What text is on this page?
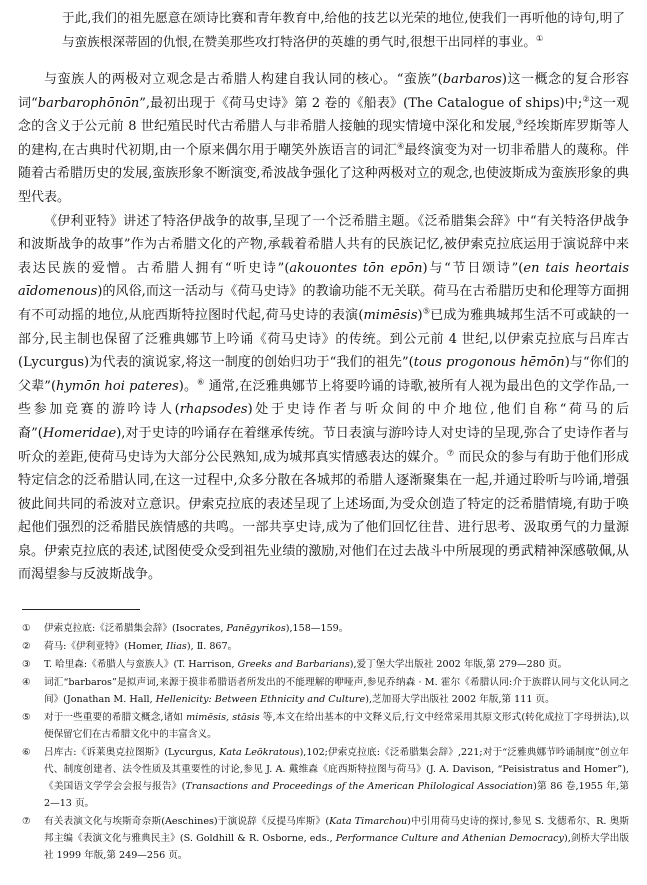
于此,我们的祖先愿意在颂诗比赛和青年教育中,给他的技艺以光荣的地位,使我们一再听他的诗句,明了与蛮族根深蒂固的仇恨,在赞美那些攻打特洛伊的英雄的勇气时,很想干出同样的事业。①

与蛮族人的两极对立观念是古希腊人构建自我认同的核心。“蛮族”(barbaros)这一概念的复合形容词“barbarophōnōn”,最初出现于《荷马史诗》第 2 卷的《船表》(The Catalogue of ships)中;②这一观念的含义于公元前 8 世纪殖民时代古希腊人与非希腊人接触的现实情境中深化和发展,③经埃斯库罗斯等人的建构,在古典时代初期,由一个原来偶尔用于嘲笑外族语言的词汇④最终演变为对一切非希腊人的蔑称。伴随着古希腊历史的发展,蛮族形象不断演变,希波战争强化了这种两极对立的观念,也使波斯成为蛮族形象的典型代表。

《伊利亚特》讲述了特洛伊战争的故事,呈现了一个泛希腊主题。《泛希腊集会辞》中“有关特洛伊战争和波斯战争的故事”作为古希腊文化的产物,承载着希腊人共有的民族记忆,被伊索克拉底运用于演说辞中来表达民族的爱憎。古希腊人拥有“听史诗”(akouontes tōn epōn)与“节日颂诗”(en tais heortais aīdomenous)的风俗,而这一活动与《荷马史诗》的教谕功能不无关联。荷马在古希腊历史和伦理等方面拥有不可动摇的地位,从庇西斯特拉图时代起,荷马史诗的表演(mimēsis)⑤已成为雅典城邦生活不可或缺的一部分,民主制也保留了泛雅典娜节上吟诵《荷马史诗》的传统。到公元前 4 世纪,以伊索克拉底与吕库古(Lycurgus)为代表的演说家,将这一制度的创始归功于“我们的祖先”(tous progonous hēmōn)与“你们的父辈”(hymōn hoi pateres)。⑥ 通常,在泛雅典娜节上将要吟诵的诗歌,被所有人视为最出色的文学作品,一些参加竞赛的游吟诗人(rhapsodes)处于史诗作者与听众间的中介地位,他们自称“荷马的后裔”(Homeridae),对于史诗的吟诵存在着继承传统。节日表演与游吟诗人对史诗的呈现,弥合了史诗作者与听众的差距,使荷马史诗为大部分公民熟知,成为城邦真实情感表达的媒介。⑦ 而民众的参与有助于他们形成特定信念的泛希腊认同,在这一过程中,众多分散在各城邦的希腊人逐渐聚集在一起,并通过聆听与吟诵,增强彼此间共同的希波对立意识。伊索克拉底的表述呈现了上述场面,为受众创造了特定的泛希腊情境,有助于唤起他们强烈的泛希腊民族情感的共鸣。一部共享史诗,成为了他们回忆往昔、进行思考、汲取勇气的力量源泉。伊索克拉底的表述,试图使受众受到祖先业绩的激励,对他们在过去战斗中所展现的勇武精神深感敬佩,从而渴望参与反波斯战争。

①	伊索克拉底:《泛希腊集会辞》(Isocrates, Panēgyrikos),158—159。
②	荷马:《伊利亚特》(Homer, Ilias), Ⅱ. 867。
③	T. 哈里森:《希腊人与蛮族人》(T. Harrison, Greeks and Barbarians),爱丁堡大学出版社 2002 年版,第 279—280 页。
④	词汇“barbaros”是拟声词,来源于摸非希腊语者所发出的不能理解的咿哑声,参见乔纳森 · M. 霍尔《希腊认同:介于族群认同与文化认同之间》(Jonathan M. Hall, Hellenicity: Between Ethnicity and Culture),芝加哥大学出版社 2002 年版,第 111 页。
⑤	对于一些重要的希腊文概念,诸如 mimēsis, stāsis 等,本文在给出基本的中文释义后,行文中经常采用其原文形式(转化成拉丁字母拼法),以便保留它们在古希腊文化中的丰富含义。
⑥	吕库古:《诉莱奥克拉图斯》(Lycurgus, Kata Leōkratous),102;伊索克拉底:《泛希腊集会辞》,221;对于“泛雅典娜节吟诵制度”创立年代、制度创建者、法令性质及其重要性的讨论,参见 J. A. 戴维森《庇西斯特拉图与荷马》(J. A. Davison, “Peisistratus and Homer”),《美国语文学学会会报与报告》(Transactions and Proceedings of the American Philological Association)第 86 卷,1955 年,第 2—13 页。
⑦	有关表演文化与埃斯奇奈斯(Aeschines)于演说辞《反提马库斯》(Kata Timarchou)中引用荷马史诗的探讨,参见 S. 戈德希尔、R. 奥斯邦主编《表演文化与雅典民主》(S. Goldhill & R. Osborne, eds., Performance Culture and Athenian Democracy),剑桥大学出版社 1999 年版,第 249—256 页。
